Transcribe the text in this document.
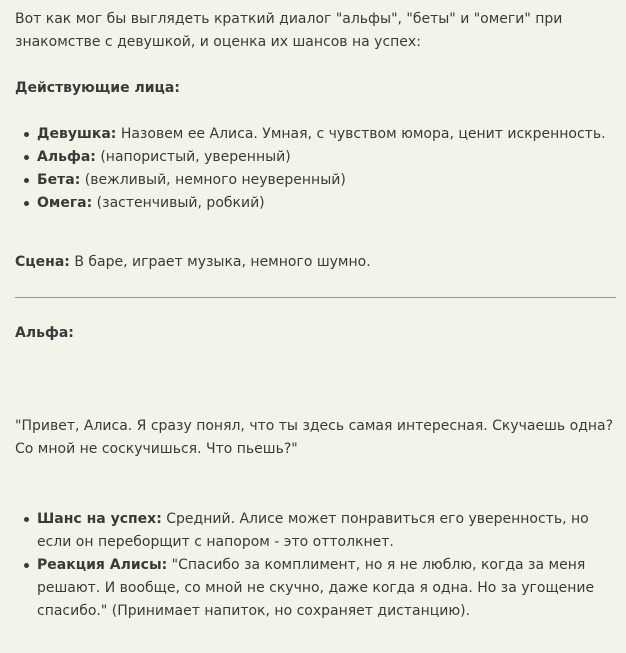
Вот как мог бы выглядеть краткий диалог "альфы", "беты" и "омеги" при знакомстве с девушкой, и оценка их шансов на успех:

Действующие лица:

Девушка: Назовем ее Алиса. Умная, с чувством юмора, ценит искренность.
Альфа: (напористый, уверенный)
Бета: (вежливый, немного неуверенный)
Омега: (застенчивый, робкий)

Сцена: В баре, играет музыка, немного шумно.

Альфа:

"Привет, Алиса. Я сразу понял, что ты здесь самая интересная. Скучаешь одна? Со мной не соскучишься. Что пьешь?"

Шанс на успех: Средний. Алисе может понравиться его уверенность, но если он переборщит с напором - это оттолкнет.
Реакция Алисы: "Спасибо за комплимент, но я не люблю, когда за меня решают. И вообще, со мной не скучно, даже когда я одна. Но за угощение спасибо." (Принимает напиток, но сохраняет дистанцию).
